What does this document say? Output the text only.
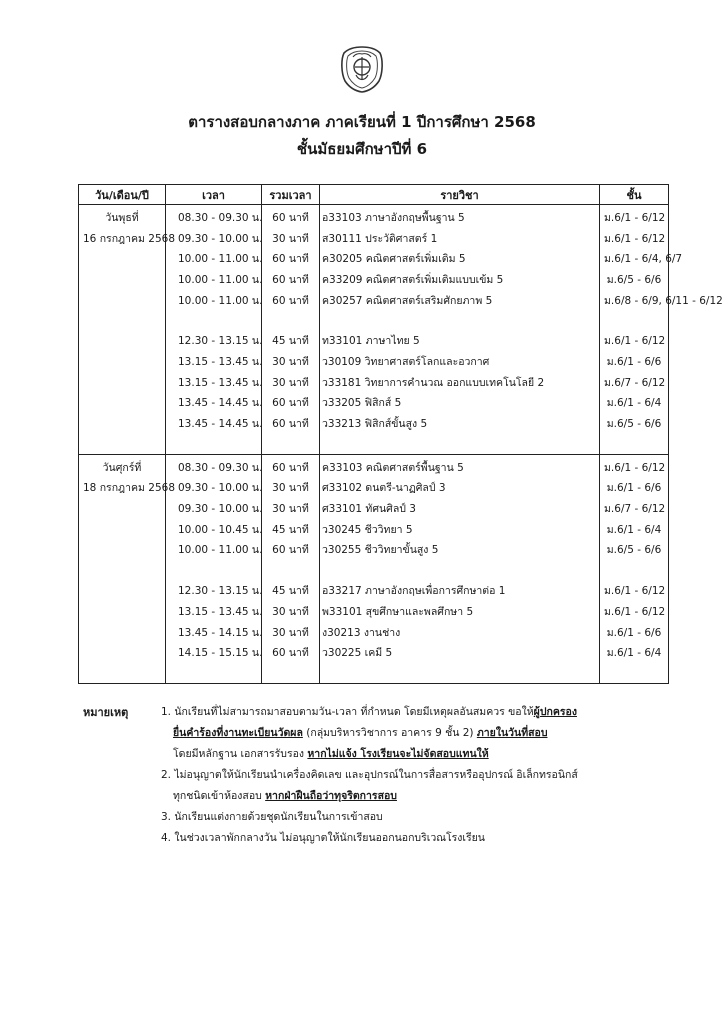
ตารางสอบกลางภาค ภาคเรียนที่ 1 ปีการศึกษา 2568
ชั้นมัธยมศึกษาปีที่ 6
วัน/เดือน/ปี	เวลา	รวมเวลา	รายวิชา	ชั้น
วันพุธที่	08.30 - 09.30 น.	60 นาที	อ33103 ภาษาอังกฤษพื้นฐาน 5	ม.6/1 - 6/12
16 กรกฎาคม 2568	09.30 - 10.00 น.	30 นาที	ส30111 ประวัติศาสตร์ 1	ม.6/1 - 6/12
	10.00 - 11.00 น.	60 นาที	ค30205 คณิตศาสตร์เพิ่มเติม 5	ม.6/1 - 6/4, 6/7
	10.00 - 11.00 น.	60 นาที	ค33209 คณิตศาสตร์เพิ่มเติมแบบเข้ม 5	ม.6/5 - 6/6
	10.00 - 11.00 น.	60 นาที	ค30257 คณิตศาสตร์เสริมศักยภาพ 5	ม.6/8 - 6/9, 6/11 - 6/12

	12.30 - 13.15 น.	45 นาที	ท33101 ภาษาไทย 5	ม.6/1 - 6/12
	13.15 - 13.45 น.	30 นาที	ว30109 วิทยาศาสตร์โลกและอวกาศ	ม.6/1 - 6/6
	13.15 - 13.45 น.	30 นาที	ว33181 วิทยาการคำนวณ ออกแบบเทคโนโลยี 2	ม.6/7 - 6/12
	13.45 - 14.45 น.	60 นาที	ว33205 ฟิสิกส์ 5	ม.6/1 - 6/4
	13.45 - 14.45 น.	60 นาที	ว33213 ฟิสิกส์ขั้นสูง 5	ม.6/5 - 6/6

วันศุกร์ที่	08.30 - 09.30 น.	60 นาที	ค33103 คณิตศาสตร์พื้นฐาน 5	ม.6/1 - 6/12
18 กรกฎาคม 2568	09.30 - 10.00 น.	30 นาที	ศ33102 ดนตรี-นาฏศิลป์ 3	ม.6/1 - 6/6
	09.30 - 10.00 น.	30 นาที	ศ33101 ทัศนศิลป์ 3	ม.6/7 - 6/12
	10.00 - 10.45 น.	45 นาที	ว30245 ชีววิทยา 5	ม.6/1 - 6/4
	10.00 - 11.00 น.	60 นาที	ว30255 ชีววิทยาขั้นสูง 5	ม.6/5 - 6/6

	12.30 - 13.15 น.	45 นาที	อ33217 ภาษาอังกฤษเพื่อการศึกษาต่อ 1	ม.6/1 - 6/12
	13.15 - 13.45 น.	30 นาที	พ33101 สุขศึกษาและพลศึกษา 5	ม.6/1 - 6/12
	13.45 - 14.15 น.	30 นาที	ง30213 งานช่าง	ม.6/1 - 6/6
	14.15 - 15.15 น.	60 นาที	ว30225 เคมี 5	ม.6/1 - 6/4

หมายเหตุ	1. นักเรียนที่ไม่สามารถมาสอบตามวัน-เวลา ที่กำหนด โดยมีเหตุผลอันสมควร ขอให้ผู้ปกครอง
ยื่นคำร้องที่งานทะเบียนวัดผล (กลุ่มบริหารวิชาการ อาคาร 9 ชั้น 2) ภายในวันที่สอบ
โดยมีหลักฐาน เอกสารรับรอง หากไม่แจ้ง โรงเรียนจะไม่จัดสอบแทนให้
2. ไม่อนุญาตให้นักเรียนนำเครื่องคิดเลข และอุปกรณ์ในการสื่อสารหรืออุปกรณ์ อิเล็กทรอนิกส์
ทุกชนิดเข้าห้องสอบ หากฝ่าฝืนถือว่าทุจริตการสอบ
3. นักเรียนแต่งกายด้วยชุดนักเรียนในการเข้าสอบ
4. ในช่วงเวลาพักกลางวัน ไม่อนุญาตให้นักเรียนออกนอกบริเวณโรงเรียน
